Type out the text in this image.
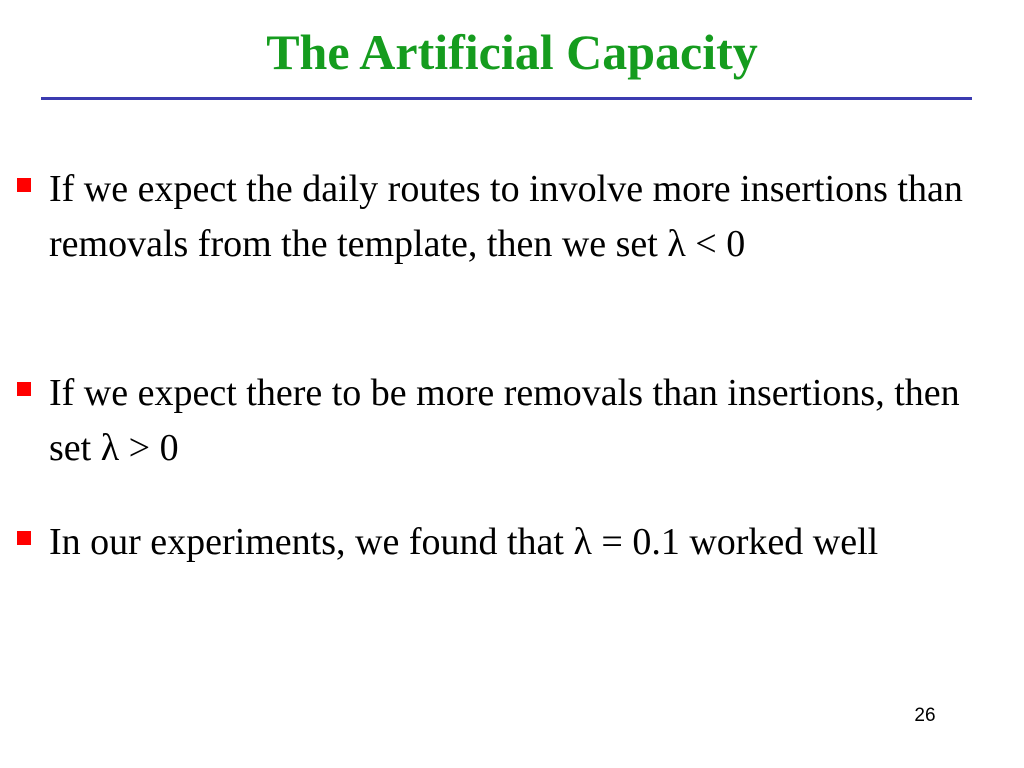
The Artificial Capacity

If we expect the daily routes to involve more insertions than removals from the template, then we set λ < 0

If we expect there to be more removals than insertions, then set λ > 0

In our experiments, we found that λ = 0.1 worked well

26
